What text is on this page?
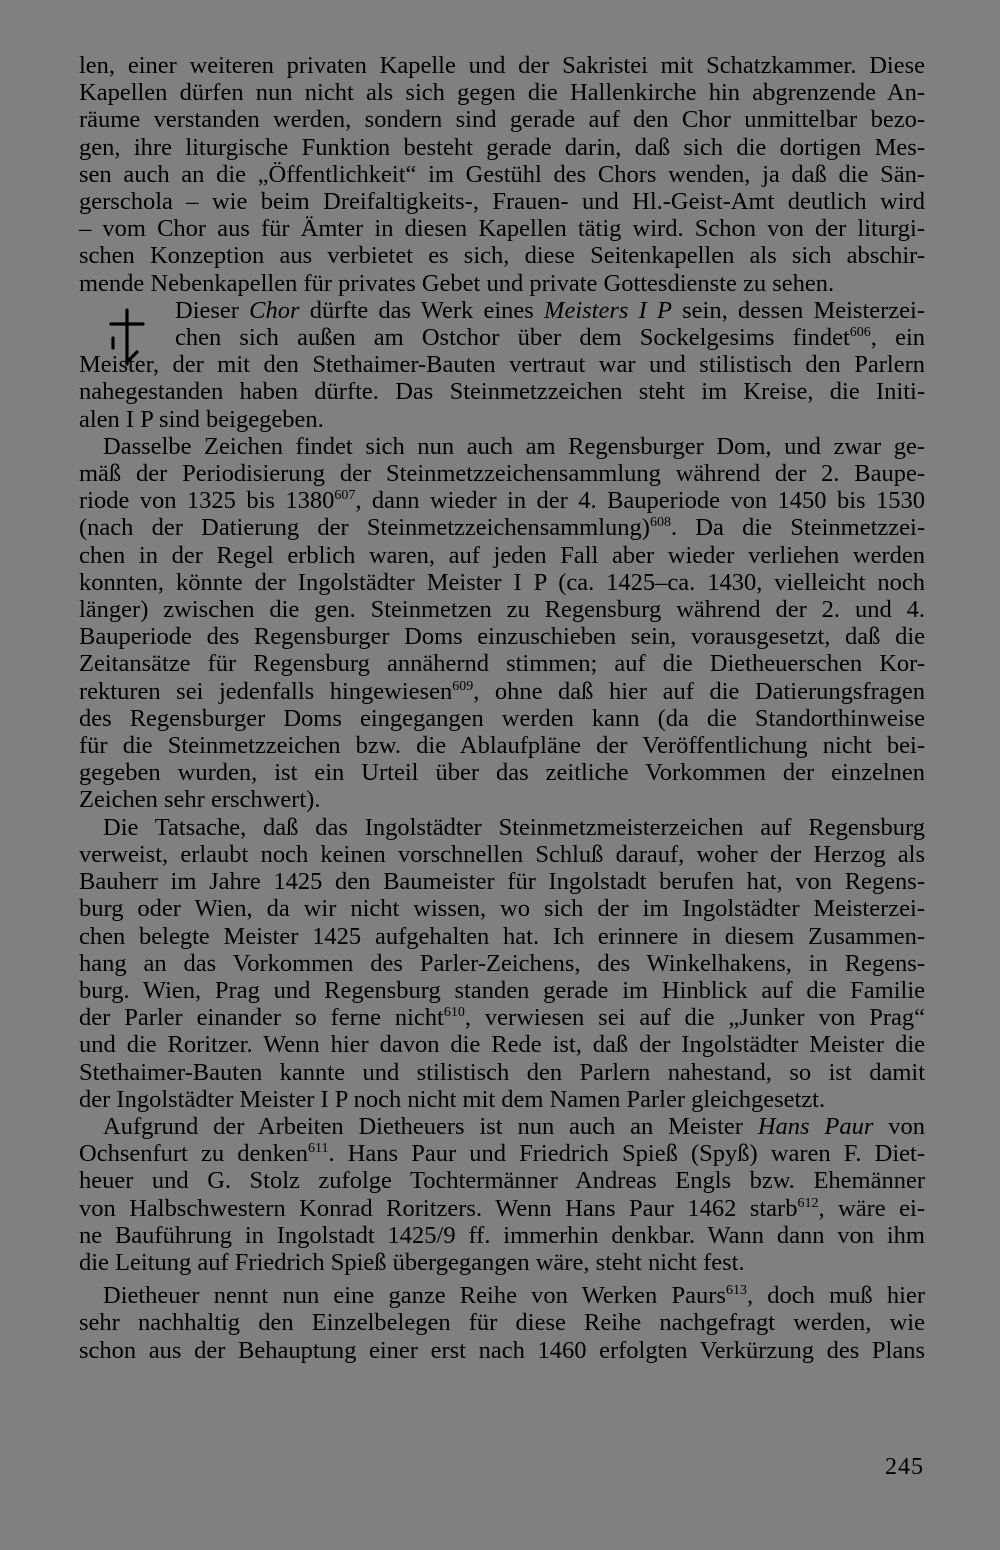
len, einer weiteren privaten Kapelle und der Sakristei mit Schatzkammer. Diese
Kapellen dürfen nun nicht als sich gegen die Hallenkirche hin abgrenzende An-
räume verstanden werden, sondern sind gerade auf den Chor unmittelbar bezo-
gen, ihre liturgische Funktion besteht gerade darin, daß sich die dortigen Mes-
sen auch an die „Öffentlichkeit“ im Gestühl des Chors wenden, ja daß die Sän-
gerschola – wie beim Dreifaltigkeits-, Frauen- und Hl.-Geist-Amt deutlich wird
– vom Chor aus für Ämter in diesen Kapellen tätig wird. Schon von der liturgi-
schen Konzeption aus verbietet es sich, diese Seitenkapellen als sich abschir-
mende Nebenkapellen für privates Gebet und private Gottesdienste zu sehen.
Dieser Chor dürfte das Werk eines Meisters I P sein, dessen Meisterzei-
chen sich außen am Ostchor über dem Sockelgesims findet$^{606}$, ein
Meister, der mit den Stethaimer-Bauten vertraut war und stilistisch den Parlern
nahegestanden haben dürfte. Das Steinmetzzeichen steht im Kreise, die Initi-
alen I P sind beigegeben.
Dasselbe Zeichen findet sich nun auch am Regensburger Dom, und zwar ge-
mäß der Periodisierung der Steinmetzzeichensammlung während der 2. Baupe-
riode von 1325 bis 1380$^{607}$, dann wieder in der 4. Bauperiode von 1450 bis 1530
(nach der Datierung der Steinmetzzeichensammlung)$^{608}$. Da die Steinmetzzei-
chen in der Regel erblich waren, auf jeden Fall aber wieder verliehen werden
konnten, könnte der Ingolstädter Meister I P (ca. 1425–ca. 1430, vielleicht noch
länger) zwischen die gen. Steinmetzen zu Regensburg während der 2. und 4.
Bauperiode des Regensburger Doms einzuschieben sein, vorausgesetzt, daß die
Zeitansätze für Regensburg annähernd stimmen; auf die Dietheuerschen Kor-
rekturen sei jedenfalls hingewiesen$^{609}$, ohne daß hier auf die Datierungsfragen
des Regensburger Doms eingegangen werden kann (da die Standorthinweise
für die Steinmetzzeichen bzw. die Ablaufpläne der Veröffentlichung nicht bei-
gegeben wurden, ist ein Urteil über das zeitliche Vorkommen der einzelnen
Zeichen sehr erschwert).
Die Tatsache, daß das Ingolstädter Steinmetzmeisterzeichen auf Regensburg
verweist, erlaubt noch keinen vorschnellen Schluß darauf, woher der Herzog als
Bauherr im Jahre 1425 den Baumeister für Ingolstadt berufen hat, von Regens-
burg oder Wien, da wir nicht wissen, wo sich der im Ingolstädter Meisterzei-
chen belegte Meister 1425 aufgehalten hat. Ich erinnere in diesem Zusammen-
hang an das Vorkommen des Parler-Zeichens, des Winkelhakens, in Regens-
burg. Wien, Prag und Regensburg standen gerade im Hinblick auf die Familie
der Parler einander so ferne nicht$^{610}$, verwiesen sei auf die „Junker von Prag“
und die Roritzer. Wenn hier davon die Rede ist, daß der Ingolstädter Meister die
Stethaimer-Bauten kannte und stilistisch den Parlern nahestand, so ist damit
der Ingolstädter Meister I P noch nicht mit dem Namen Parler gleichgesetzt.
Aufgrund der Arbeiten Dietheuers ist nun auch an Meister Hans Paur von
Ochsenfurt zu denken$^{611}$. Hans Paur und Friedrich Spieß (Spyß) waren F. Diet-
heuer und G. Stolz zufolge Tochtermänner Andreas Engls bzw. Ehemänner
von Halbschwestern Konrad Roritzers. Wenn Hans Paur 1462 starb$^{612}$, wäre ei-
ne Bauführung in Ingolstadt 1425/9 ff. immerhin denkbar. Wann dann von ihm
die Leitung auf Friedrich Spieß übergegangen wäre, steht nicht fest.
Dietheuer nennt nun eine ganze Reihe von Werken Paurs$^{613}$, doch muß hier
sehr nachhaltig den Einzelbelegen für diese Reihe nachgefragt werden, wie
schon aus der Behauptung einer erst nach 1460 erfolgten Verkürzung des Plans
245
